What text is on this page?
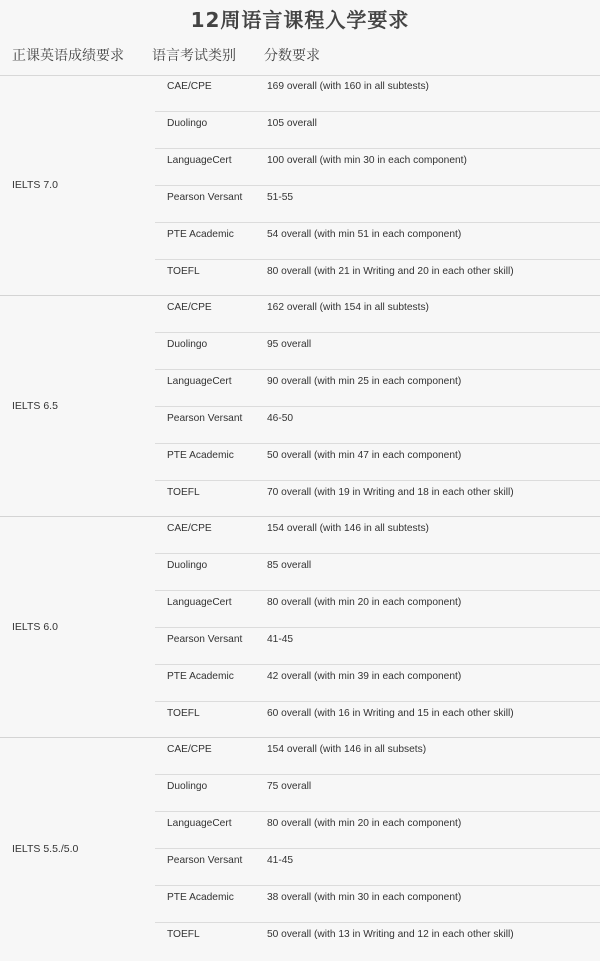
12周语言课程入学要求
正课英语成绩要求 语言考试类别 分数要求
IELTS 7.0
CAE/CPE	169 overall (with 160 in all subtests)
Duolingo	105 overall
LanguageCert	100 overall (with min 30 in each component)
Pearson Versant 51-55
PTE Academic	54 overall (with min 51 in each component)
TOEFL	80 overall (with 21 in Writing and 20 in each other skill)
IELTS 6.5
CAE/CPE	162 overall (with 154 in all subtests)
Duolingo	95 overall
LanguageCert	90 overall (with min 25 in each component)
Pearson Versant 46-50
PTE Academic	50 overall (with min 47 in each component)
TOEFL	70 overall (with 19 in Writing and 18 in each other skill)
IELTS 6.0
CAE/CPE	154 overall (with 146 in all subtests)
Duolingo	85 overall
LanguageCert	80 overall (with min 20 in each component)
Pearson Versant 41-45
PTE Academic	42 overall (with min 39 in each component)
TOEFL	60 overall (with 16 in Writing and 15 in each other skill)
IELTS 5.5./5.0
CAE/CPE	154 overall (with 146 in all subsets)
Duolingo	75 overall
LanguageCert	80 overall (with min 20 in each component)
Pearson Versant 41-45
PTE Academic	38 overall (with min 30 in each component)
TOEFL	50 overall (with 13 in Writing and 12 in each other skill)
